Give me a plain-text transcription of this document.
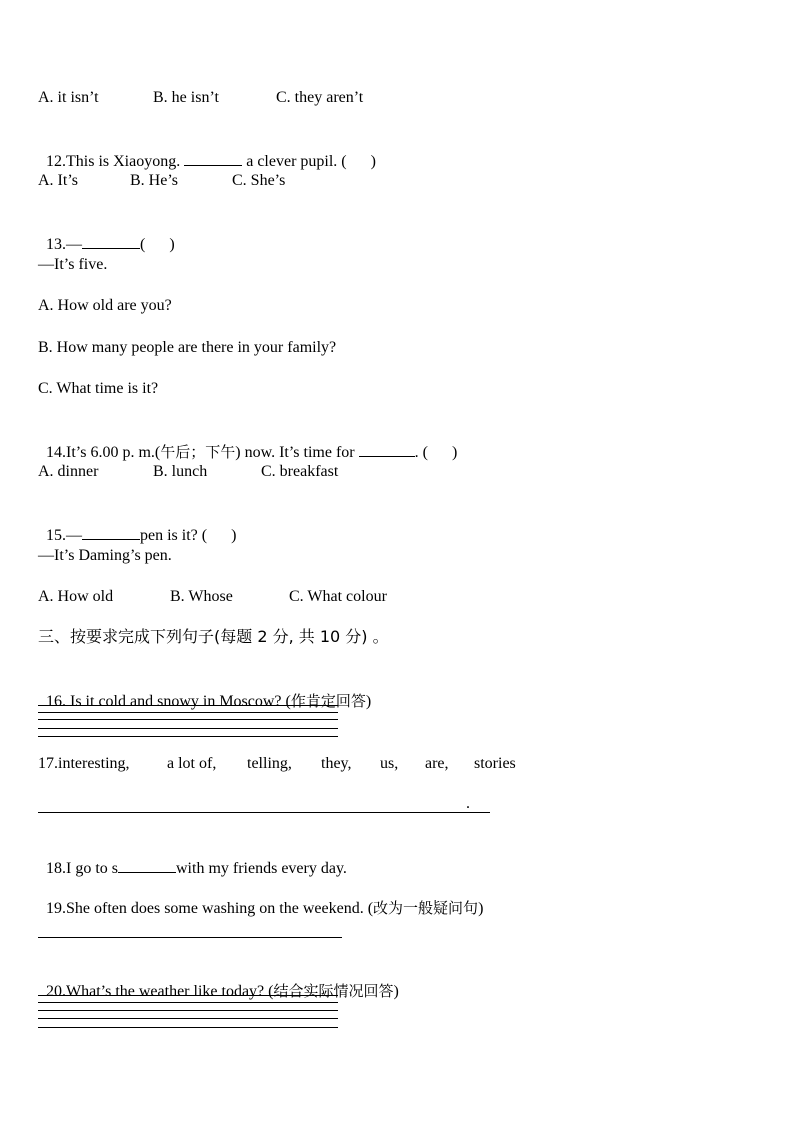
A. it isn’t	B. he isn’t	C. they aren’t

12.This is Xiaoyong.	a clever pupil. (      )

A. It’s	B. He’s	C. She’s

13.—	(      )

—It’s five.
A. How old are you?
B. How many people are there in your family?
C. What time is it?

14.It’s 6.00 p. m.(午后；下午) now. It’s time for	. (      )

A. dinner	B. lunch	C. breakfast

15.—	pen is it? (      )

—It’s Daming’s pen.
A. How old	B. Whose	C. What colour
三、按要求完成下列句子(每题 2 分, 共 10 分) 。

16. Is it cold and snowy in Moscow? (作肯定回答)

17.interesting, a lot of, telling, they, us, are, stories
.

18.I go to s	with my friends every day.

19.She often does some washing on the weekend. (改为一般疑问句)

20.What’s the weather like today? (结合实际情况回答)
